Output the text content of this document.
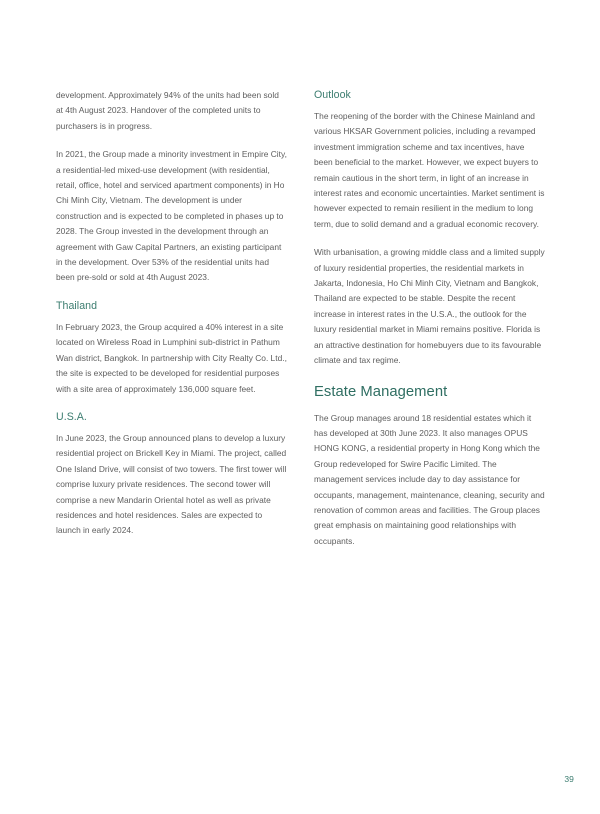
development. Approximately 94% of the units had been sold at 4th August 2023. Handover of the completed units to purchasers is in progress.

In 2021, the Group made a minority investment in Empire City, a residential-led mixed-use development (with residential, retail, office, hotel and serviced apartment components) in Ho Chi Minh City, Vietnam. The development is under construction and is expected to be completed in phases up to 2028. The Group invested in the development through an agreement with Gaw Capital Partners, an existing participant in the development. Over 53% of the residential units had been pre-sold or sold at 4th August 2023.

Thailand

In February 2023, the Group acquired a 40% interest in a site located on Wireless Road in Lumphini sub-district in Pathum Wan district, Bangkok. In partnership with City Realty Co. Ltd., the site is expected to be developed for residential purposes with a site area of approximately 136,000 square feet.

U.S.A.

In June 2023, the Group announced plans to develop a luxury residential project on Brickell Key in Miami. The project, called One Island Drive, will consist of two towers. The first tower will comprise luxury private residences. The second tower will comprise a new Mandarin Oriental hotel as well as private residences and hotel residences. Sales are expected to launch in early 2024.

Outlook

The reopening of the border with the Chinese Mainland and various HKSAR Government policies, including a revamped investment immigration scheme and tax incentives, have been beneficial to the market. However, we expect buyers to remain cautious in the short term, in light of an increase in interest rates and economic uncertainties. Market sentiment is however expected to remain resilient in the medium to long term, due to solid demand and a gradual economic recovery.

With urbanisation, a growing middle class and a limited supply of luxury residential properties, the residential markets in Jakarta, Indonesia, Ho Chi Minh City, Vietnam and Bangkok, Thailand are expected to be stable. Despite the recent increase in interest rates in the U.S.A., the outlook for the luxury residential market in Miami remains positive. Florida is an attractive destination for homebuyers due to its favourable climate and tax regime.

Estate Management

The Group manages around 18 residential estates which it has developed at 30th June 2023. It also manages OPUS HONG KONG, a residential property in Hong Kong which the Group redeveloped for Swire Pacific Limited. The management services include day to day assistance for occupants, management, maintenance, cleaning, security and renovation of common areas and facilities. The Group places great emphasis on maintaining good relationships with occupants.

39
